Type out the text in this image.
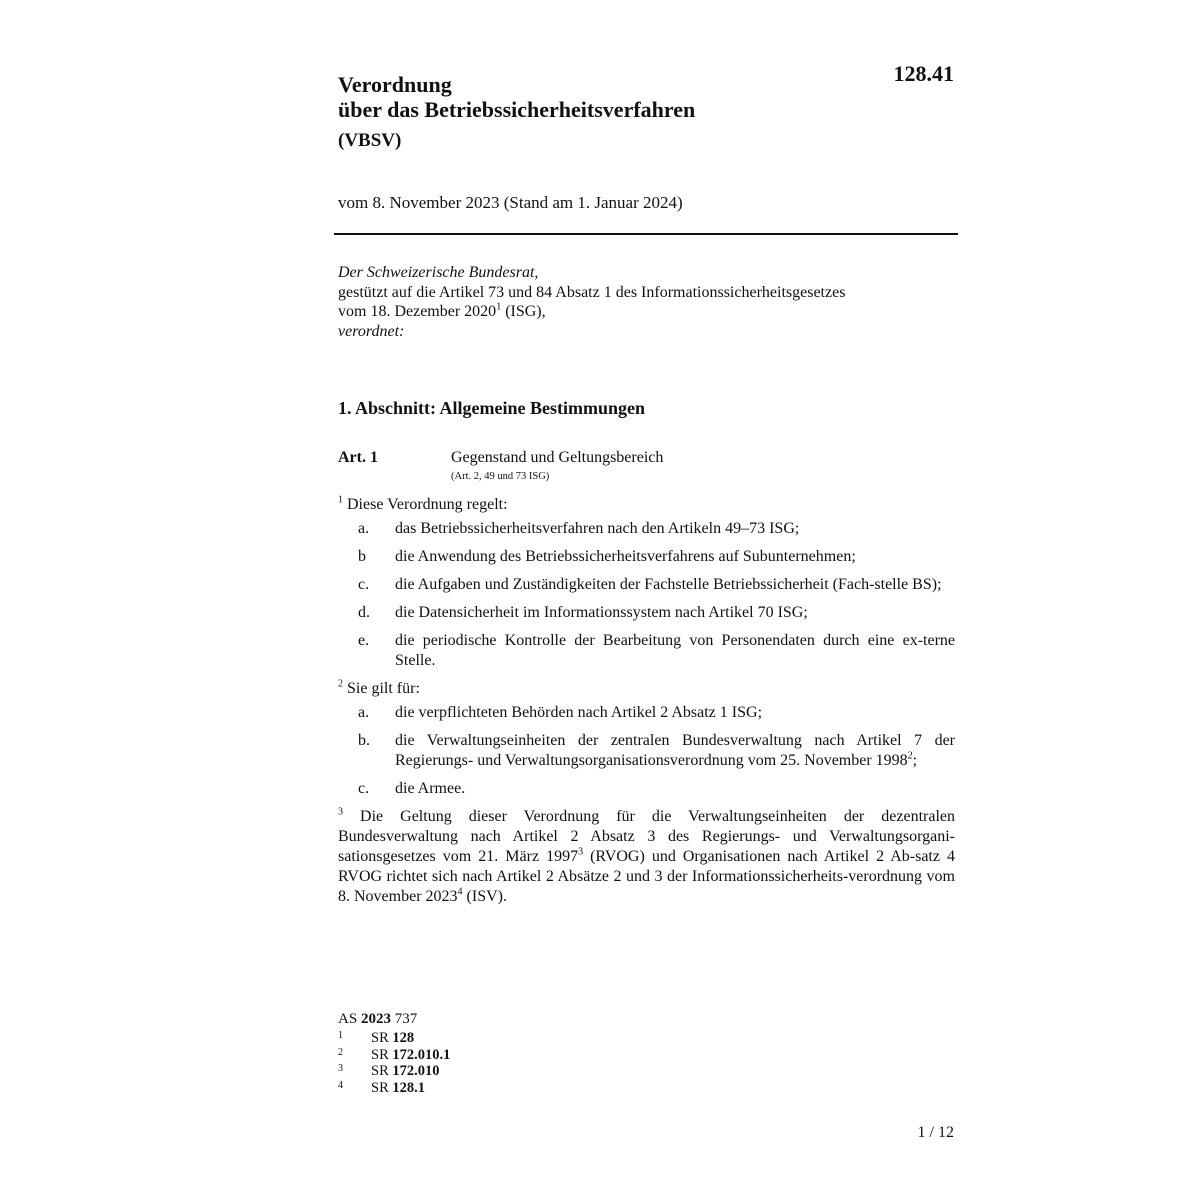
Verordnung
über das Betriebssicherheitsverfahren
(VBSV)
128.41
vom 8. November 2023 (Stand am 1. Januar 2024)

Der Schweizerische Bundesrat,

gestützt auf die Artikel 73 und 84 Absatz 1 des Informationssicherheitsgesetzes
vom 18. Dezember 2020$^1$ (ISG),

verordnet:

1. Abschnitt: Allgemeine Bestimmungen
Art. 1	Gegenstand und Geltungsbereich
(Art. 2, 49 und 73 ISG)

$^1$ Diese Verordnung regelt:

a.	das Betriebssicherheitsverfahren nach den Artikeln 49–73 ISG;
b	die Anwendung des Betriebssicherheitsverfahrens auf Subunternehmen;
c.	die Aufgaben und Zuständigkeiten der Fachstelle Betriebssicherheit (Fach-stelle BS);
d.	die Datensicherheit im Informationssystem nach Artikel 70 ISG;
e.	die periodische Kontrolle der Bearbeitung von Personendaten durch eine ex-terne Stelle.

$^2$ Sie gilt für:

a.	die verpflichteten Behörden nach Artikel 2 Absatz 1 ISG;
b.	die Verwaltungseinheiten der zentralen Bundesverwaltung nach Artikel 7 der Regierungs- und Verwaltungsorganisationsverordnung vom 25. November 1998$^2$;
c.	die Armee.

$^3$ Die Geltung dieser Verordnung für die Verwaltungseinheiten der dezentralen Bundesverwaltung nach Artikel 2 Absatz 3 des Regierungs- und Verwaltungsorgani-sationsgesetzes vom 21. März 1997$^3$ (RVOG) und Organisationen nach Artikel 2 Ab-satz 4 RVOG richtet sich nach Artikel 2 Absätze 2 und 3 der Informationssicherheits-verordnung vom 8. November 2023$^4$ (ISV).

AS 2023 737
1	SR 128
2	SR 172.010.1
3	SR 172.010
4	SR 128.1
1 / 12
